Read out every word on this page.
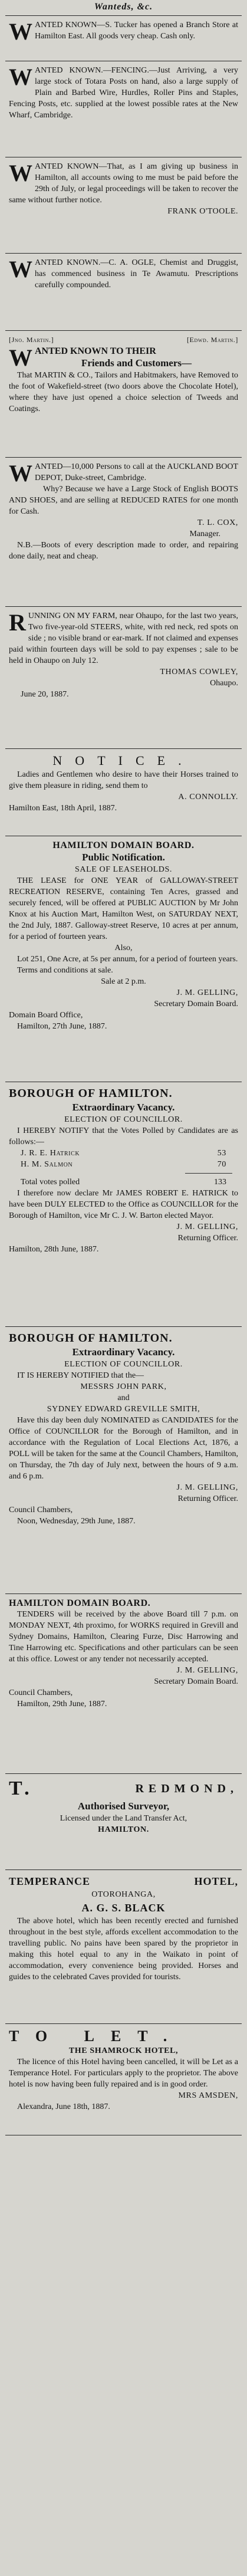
Wanteds, &c.
W ANTED KNOWN—S. Tucker has opened a Branch Store at Hamilton East. All goods very cheap. Cash only.

W ANTED KNOWN.—FENCING.—Just Arriving, a very large stock of Totara Posts on hand, also a large supply of Plain and Barbed Wire, Hurdles, Roller Pins and Staples, Fencing Posts, etc. supplied at the lowest possible rates at the New Wharf, Cambridge.

W ANTED KNOWN—That, as I am giving up business in Hamilton, all accounts owing to me must be paid before the 29th of July, or legal proceedings will be taken to recover the same without further notice.

FRANK O'TOOLE.

W ANTED KNOWN.—C. A. OGLE, Chemist and Druggist, has commenced business in Te Awamutu. Prescriptions carefully compounded.

[Jno. Martin.]	[Edwd. Martin.]
W ANTED KNOWN TO THEIR

Friends and Customers—

That MARTIN & CO., Tailors and Habitmakers, have Removed to the foot of Wakefield-street (two doors above the Chocolate Hotel), where they have just opened a choice selection of Tweeds and Coatings.

W ANTED—10,000 Persons to call at the AUCKLAND BOOT DEPOT, Duke-street, Cambridge.

Why? Because we have a Large Stock of English BOOTS AND SHOES, and are selling at REDUCED RATES for one month for Cash.

T. L. COX,

Manager.

N.B.—Boots of every description made to order, and repairing done daily, neat and cheap.

R UNNING ON MY FARM, near Ohaupo, for the last two years, Two five-year-old STEERS, white, with red neck, red spots on side ; no visible brand or ear-mark. If not claimed and expenses paid within fourteen days will be sold to pay expenses ; sale to be held in Ohaupo on July 12.

THOMAS COWLEY,

Ohaupo.

June 20, 1887.

NOTICE.

Ladies and Gentlemen who desire to have their Horses trained to give them pleasure in riding, send them to

A. CONNOLLY.

Hamilton East, 18th April, 1887.

HAMILTON DOMAIN BOARD.

Public Notification.

SALE OF LEASEHOLDS.

THE LEASE for ONE YEAR of GALLOWAY-STREET RECREATION RESERVE, containing Ten Acres, grassed and securely fenced, will be offered at PUBLIC AUCTION by Mr John Knox at his Auction Mart, Hamilton West, on SATURDAY NEXT, the 2nd July, 1887. Galloway-street Reserve, 10 acres at per annum, for a period of fourteen years.

Also,

Lot 251, One Acre, at 5s per annum, for a period of fourteen years.

Terms and conditions at sale.

Sale at 2 p.m.

J. M. GELLING,

Secretary Domain Board.

Domain Board Office,

Hamilton, 27th June, 1887.

BOROUGH OF HAMILTON.

Extraordinary Vacancy.

ELECTION OF COUNCILLOR.

I HEREBY NOTIFY that the Votes Polled by Candidates are as follows:—

J. R. E. Hatrick	53
H. M. Salmon	70
Total votes polled	133

I therefore now declare Mr JAMES ROBERT E. HATRICK to have been DULY ELECTED to the Office as COUNCILLOR for the Borough of Hamilton, vice Mr C. J. W. Barton elected Mayor.

J. M. GELLING,

Returning Officer.

Hamilton, 28th June, 1887.

BOROUGH OF HAMILTON.

Extraordinary Vacancy.

ELECTION OF COUNCILLOR.

IT IS HEREBY NOTIFIED that the—

MESSRS JOHN PARK,

and

SYDNEY EDWARD GREVILLE SMITH,

Have this day been duly NOMINATED as CANDIDATES for the Office of COUNCILLOR for the Borough of Hamilton, and in accordance with the Regulation of Local Elections Act, 1876, a POLL will be taken for the same at the Council Chambers, Hamilton, on Thursday, the 7th day of July next, between the hours of 9 a.m. and 6 p.m.

J. M. GELLING,

Returning Officer.

Council Chambers,

Noon, Wednesday, 29th June, 1887.

HAMILTON DOMAIN BOARD.

TENDERS will be received by the above Board till 7 p.m. on MONDAY NEXT, 4th proximo, for WORKS required in Grevill and Sydney Domains, Hamilton, Clearing Furze, Disc Harrowing and Tine Harrowing etc. Specifications and other particulars can be seen at this office. Lowest or any tender not necessarily accepted.

J. M. GELLING,

Secretary Domain Board.

Council Chambers,

Hamilton, 29th June, 1887.

T.	REDMOND,

Authorised Surveyor,

Licensed under the Land Transfer Act,

HAMILTON.

TEMPERANCE	HOTEL,

OTOROHANGA,

A. G. S. BLACK

The above hotel, which has been recently erected and furnished throughout in the best style, affords excellent accommodation to the travelling public. No pains have been spared by the proprietor in making this hotel equal to any in the Waikato in point of accommodation, every convenience being provided. Horses and guides to the celebrated Caves provided for tourists.

TO LET.

THE SHAMROCK HOTEL,

The licence of this Hotel having been cancelled, it will be Let as a Temperance Hotel. For particulars apply to the proprietor. The above hotel is now having been fully repaired and is in good order.

MRS AMSDEN,

Alexandra, June 18th, 1887.
